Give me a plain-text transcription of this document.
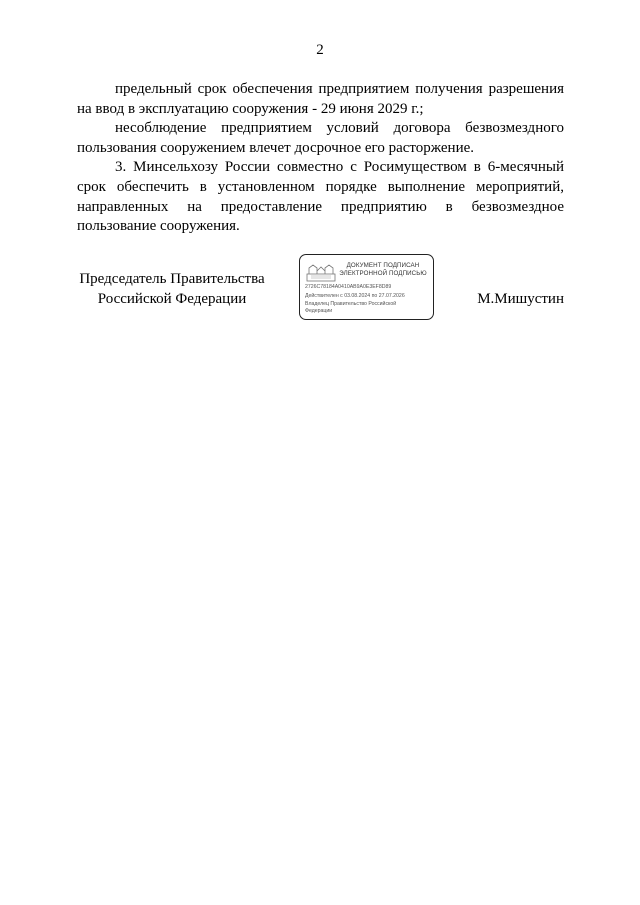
2

предельный срок обеспечения предприятием получения разрешения на ввод в эксплуатацию сооружения - 29 июня 2029 г.;

несоблюдение предприятием условий договора безвозмездного пользования сооружением влечет досрочное его расторжение.

3. Минсельхозу России совместно с Росимуществом в 6-месячный срок обеспечить в установленном порядке выполнение мероприятий, направленных на предоставление предприятию в безвозмездное пользование сооружения.

Председатель Правительства
Российской Федерации
ДОКУМЕНТ ПОДПИСАН
ЭЛЕКТРОННОЙ ПОДПИСЬЮ
2726C78184A0410AB9A0E3EF8D89
Действителен с 03.08.2024 по 27.07.2026
Владелец Правительство Российской
Федерации
М.Мишустин
